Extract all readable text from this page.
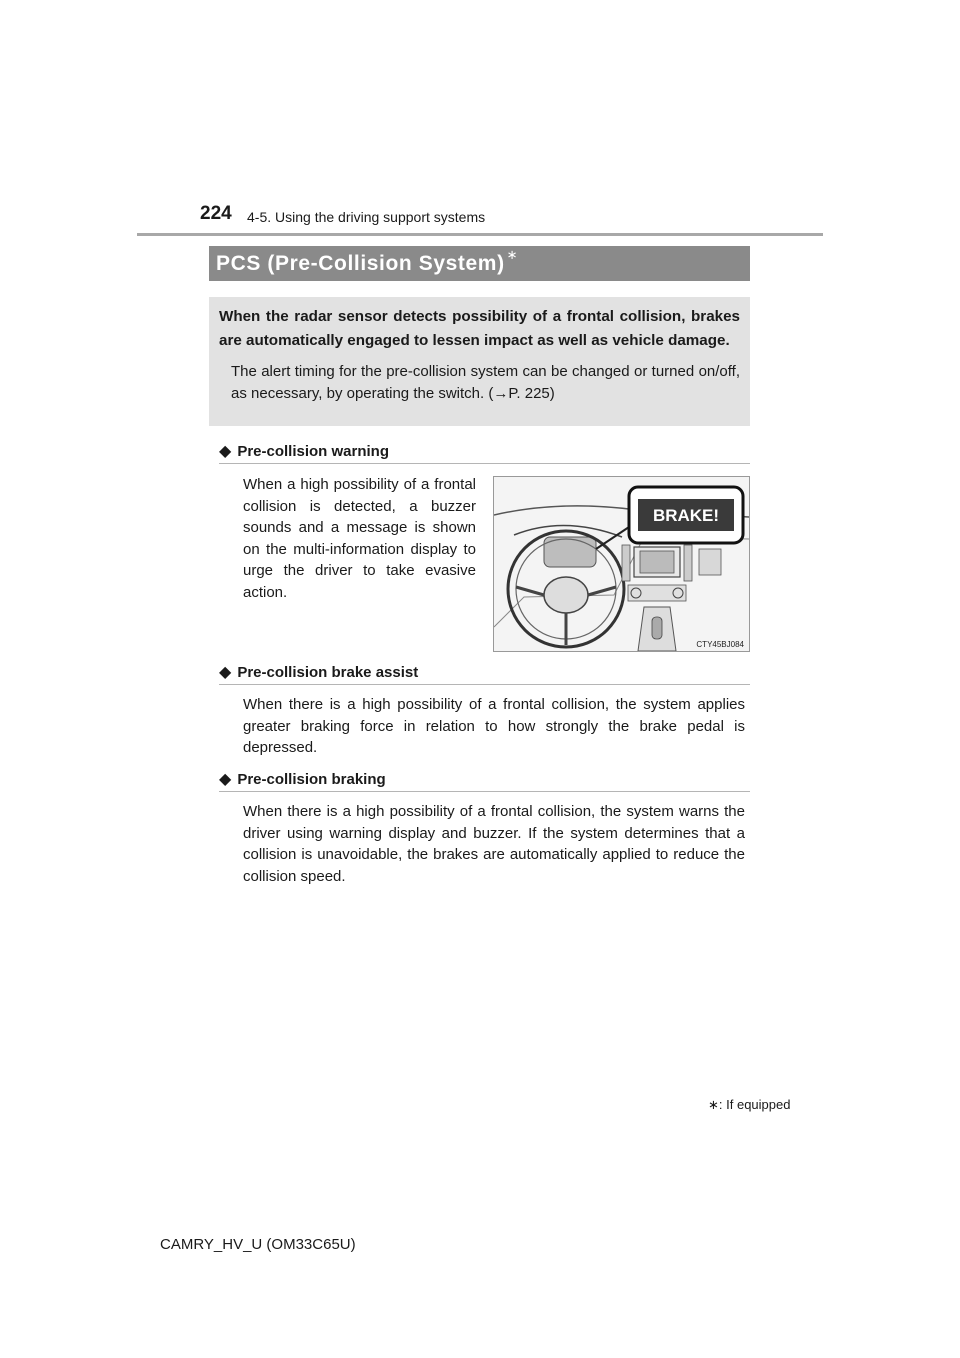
224 4-5. Using the driving support systems
PCS (Pre-Collision System) ∗

When the radar sensor detects possibility of a frontal collision, brakes are automatically engaged to lessen impact as well as vehicle damage.

The alert timing for the pre-collision system can be changed or turned on/off, as necessary, by operating the switch. (→P. 225)

◆ Pre-collision warning

When a high possibility of a frontal collision is detected, a buzzer sounds and a message is shown on the multi-information display to urge the driver to take evasive action.

BRAKE!
CTY45BJ084
◆ Pre-collision brake assist

When there is a high possibility of a frontal collision, the system applies greater braking force in relation to how strongly the brake pedal is depressed.

◆ Pre-collision braking

When there is a high possibility of a frontal collision, the system warns the driver using warning display and buzzer. If the system determines that a collision is unavoidable, the brakes are automatically applied to reduce the collision speed.

∗: If equipped
CAMRY_HV_U (OM33C65U)
